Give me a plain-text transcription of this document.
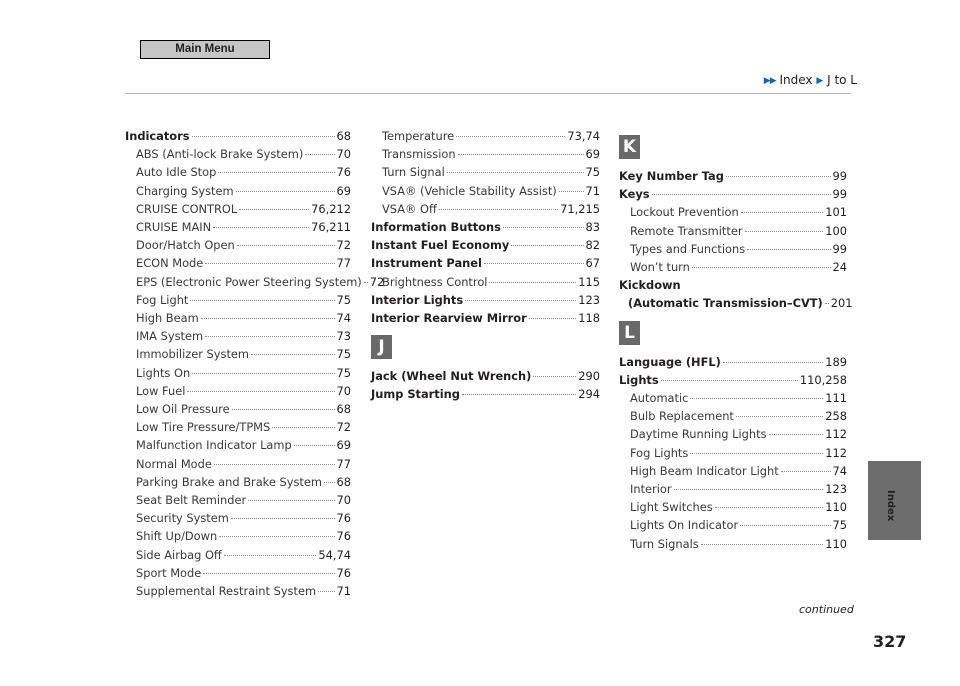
Main Menu
▶▶ Index ▶ J to L
Indicators	68
ABS (Anti-lock Brake System)	70
Auto Idle Stop	76
Charging System	69
CRUISE CONTROL	76,212
CRUISE MAIN	76,211
Door/Hatch Open	72
ECON Mode	77
EPS (Electronic Power Steering System) 72
Fog Light	75
High Beam	74
IMA System	73
Immobilizer System	75
Lights On	75
Low Fuel	70
Low Oil Pressure	68
Low Tire Pressure/TPMS	72
Malfunction Indicator Lamp	69
Normal Mode	77
Parking Brake and Brake System 68
Seat Belt Reminder	70
Security System	76
Shift Up/Down	76
Side Airbag Off	54,74
Sport Mode	76
Supplemental Restraint System 71
Temperature	73,74
Transmission	69
Turn Signal	75
VSA® (Vehicle Stability Assist)	71
VSA® Off	71,215
Information Buttons	83
Instant Fuel Economy	82
Instrument Panel	67
Brightness Control	115
Interior Lights	123
Interior Rearview Mirror	118
J
Jack (Wheel Nut Wrench)	290
Jump Starting	294
K
Key Number Tag	99
Keys	99
Lockout Prevention	101
Remote Transmitter	100
Types and Functions	99
Won’t turn	24
Kickdown
(Automatic Transmission–CVT) 201
L
Language (HFL)	189
Lights	110,258
Automatic	111
Bulb Replacement	258
Daytime Running Lights	112
Fog Lights	112
High Beam Indicator Light	74
Interior	123
Light Switches	110
Lights On Indicator	75
Turn Signals	110
Index
continued
327
